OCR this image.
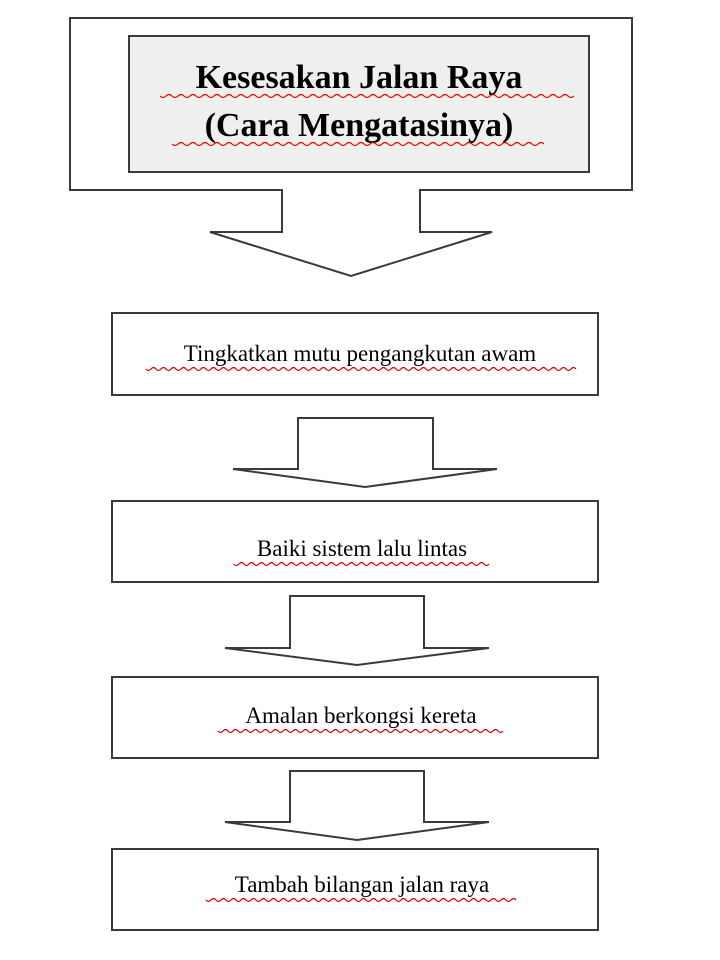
Kesesakan Jalan Raya
(Cara Mengatasinya)
Tingkatkan mutu pengangkutan awam
Baiki sistem lalu lintas
Amalan berkongsi kereta
Tambah bilangan jalan raya
